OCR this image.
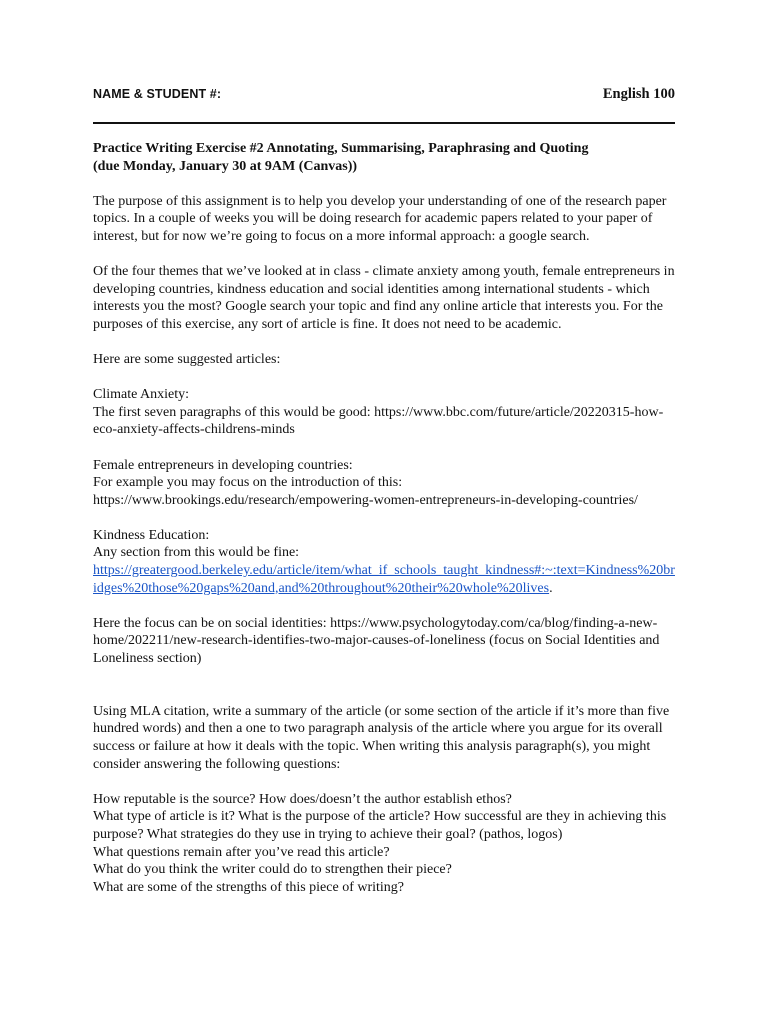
NAME & STUDENT #:	English 100
Practice Writing Exercise #2 Annotating, Summarising, Paraphrasing and Quoting
(due Monday, January 30 at 9AM (Canvas))

The purpose of this assignment is to help you develop your understanding of one of the research paper topics. In a couple of weeks you will be doing research for academic papers related to your paper of interest, but for now we’re going to focus on a more informal approach: a google search.

Of the four themes that we’ve looked at in class - climate anxiety among youth, female entrepreneurs in developing countries, kindness education and social identities among international students - which interests you the most? Google search your topic and find any online article that interests you. For the purposes of this exercise, any sort of article is fine. It does not need to be academic.

Here are some suggested articles:

Climate Anxiety:

The first seven paragraphs of this would be good: https://www.bbc.com/future/article/20220315-how-eco-anxiety-affects-childrens-minds

Female entrepreneurs in developing countries:

For example you may focus on the introduction of this:

https://www.brookings.edu/research/empowering-women-entrepreneurs-in-developing-countries/

Kindness Education:

Any section from this would be fine:

https://greatergood.berkeley.edu/article/item/what_if_schools_taught_kindness#:~:text=Kindness%20bridges%20those%20gaps%20and,and%20throughout%20their%20whole%20lives.

Here the focus can be on social identities: https://www.psychologytoday.com/ca/blog/finding-a-new-home/202211/new-research-identifies-two-major-causes-of-loneliness (focus on Social Identities and Loneliness section)

Using MLA citation, write a summary of the article (or some section of the article if it’s more than five hundred words) and then a one to two paragraph analysis of the article where you argue for its overall success or failure at how it deals with the topic. When writing this analysis paragraph(s), you might consider answering the following questions:

How reputable is the source? How does/doesn’t the author establish ethos?

What type of article is it? What is the purpose of the article? How successful are they in achieving this purpose? What strategies do they use in trying to achieve their goal? (pathos, logos)

What questions remain after you’ve read this article?

What do you think the writer could do to strengthen their piece?

What are some of the strengths of this piece of writing?
